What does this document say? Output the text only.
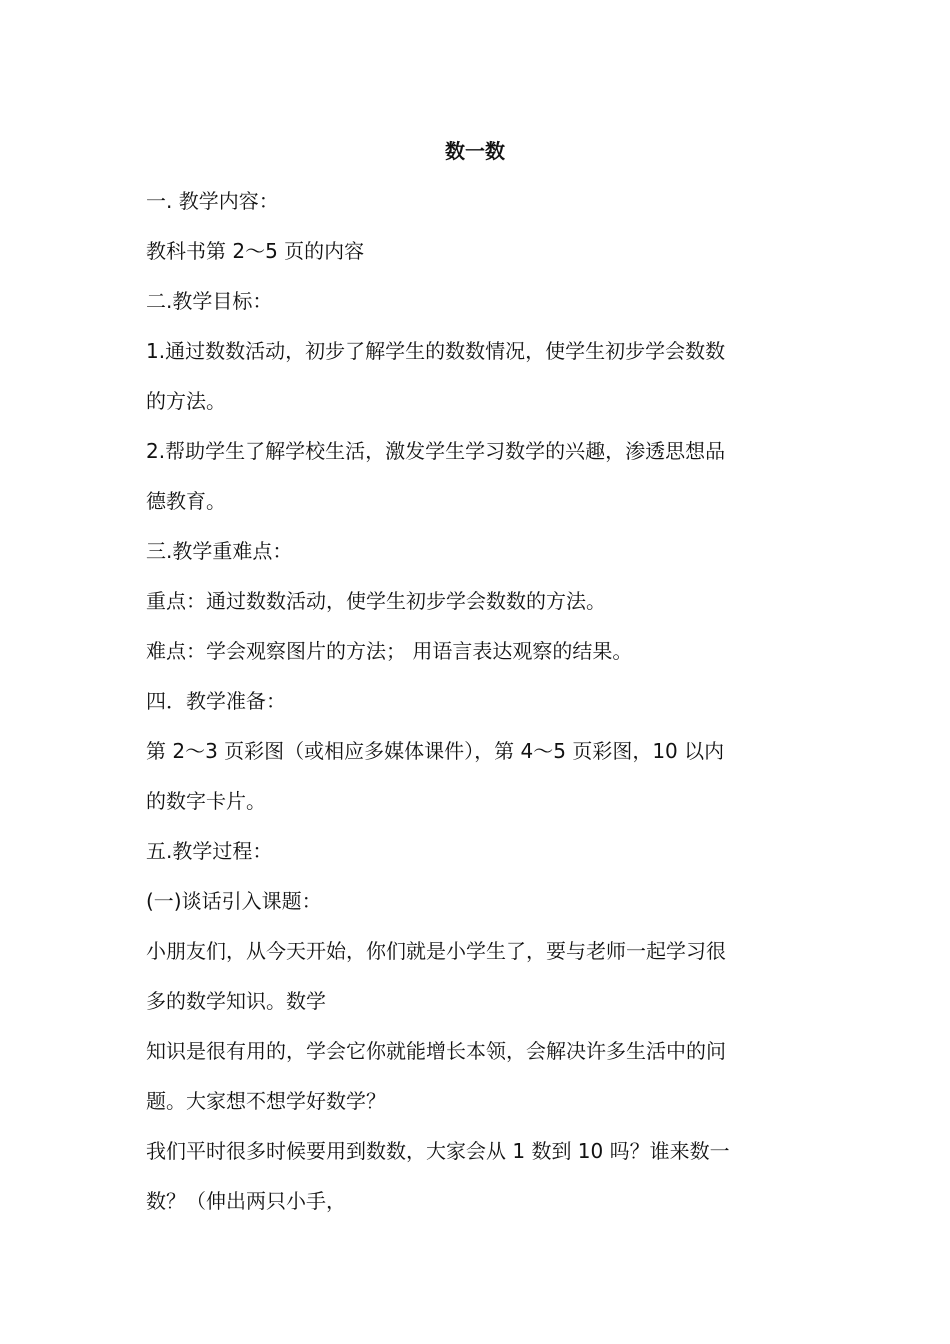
数一数
一. 教学内容：
教科书第 2～5 页的内容
二.教学目标：
1.通过数数活动，初步了解学生的数数情况，使学生初步学会数数
的方法。
2.帮助学生了解学校生活，激发学生学习数学的兴趣，渗透思想品
德教育。
三.教学重难点：
重点：通过数数活动，使学生初步学会数数的方法。
难点：学会观察图片的方法； 用语言表达观察的结果。
四．教学准备：
第 2～3 页彩图（或相应多媒体课件），第 4～5 页彩图，10 以内
的数字卡片。
五.教学过程：
(一)谈话引入课题：
小朋友们，从今天开始，你们就是小学生了，要与老师一起学习很
多的数学知识。数学
知识是很有用的，学会它你就能增长本领，会解决许多生活中的问
题。大家想不想学好数学？
我们平时很多时候要用到数数，大家会从 1 数到 10 吗？谁来数一
数？（伸出两只小手，
